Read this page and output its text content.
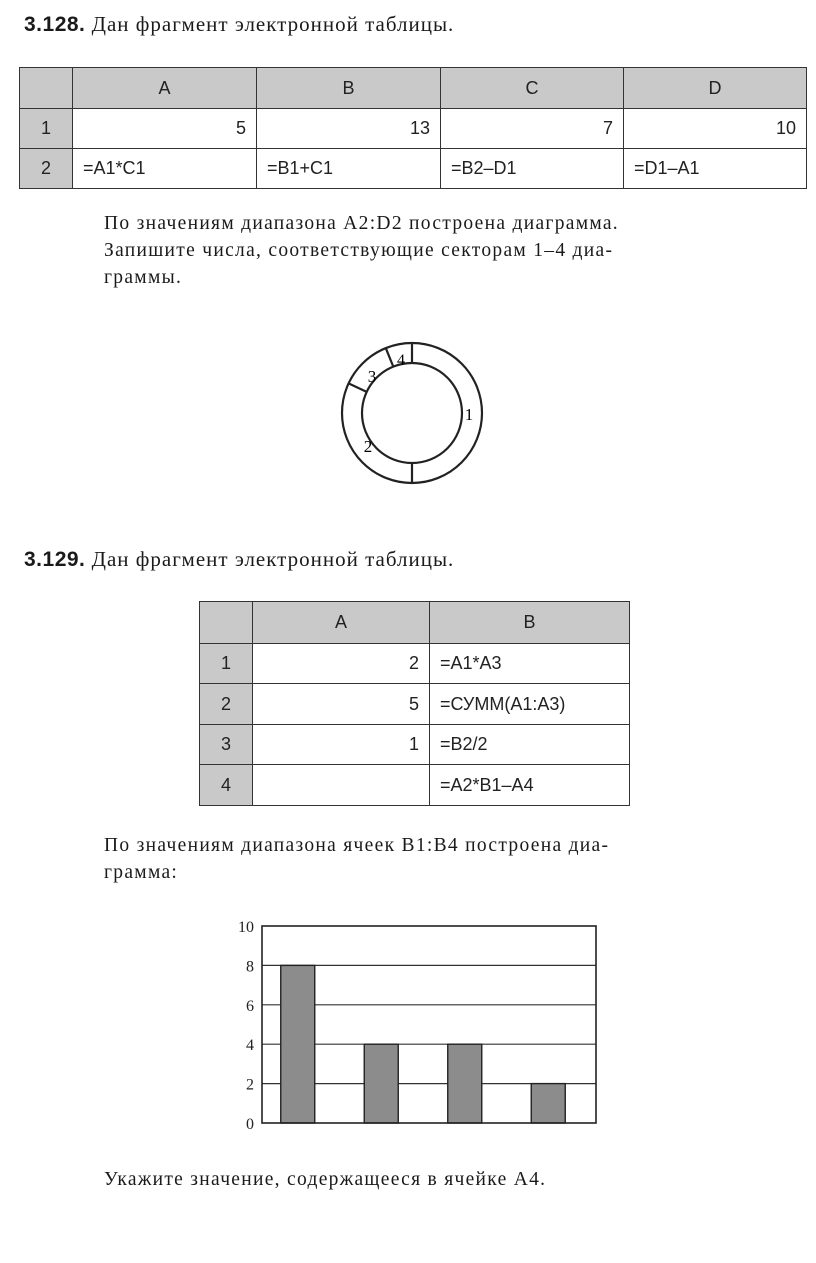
3.128. Дан фрагмент электронной таблицы.
	A	B	C	D
1	5	13	7	10
2	=A1*C1	=B1+C1	=B2–D1	=D1–A1
По значениям диапазона A2:D2 построена диаграмма.
Запишите числа, соответствующие секторам 1–4 диа-
граммы.
1
2
3
4
3.129. Дан фрагмент электронной таблицы.
	A	B
1	2	=A1*A3
2	5	=СУММ(A1:A3)
3	1	=B2/2
4		=A2*B1–A4
По значениям диапазона ячеек B1:B4 построена диа-
грамма:
0
2
4
6
8
10
Укажите значение, содержащееся в ячейке A4.
